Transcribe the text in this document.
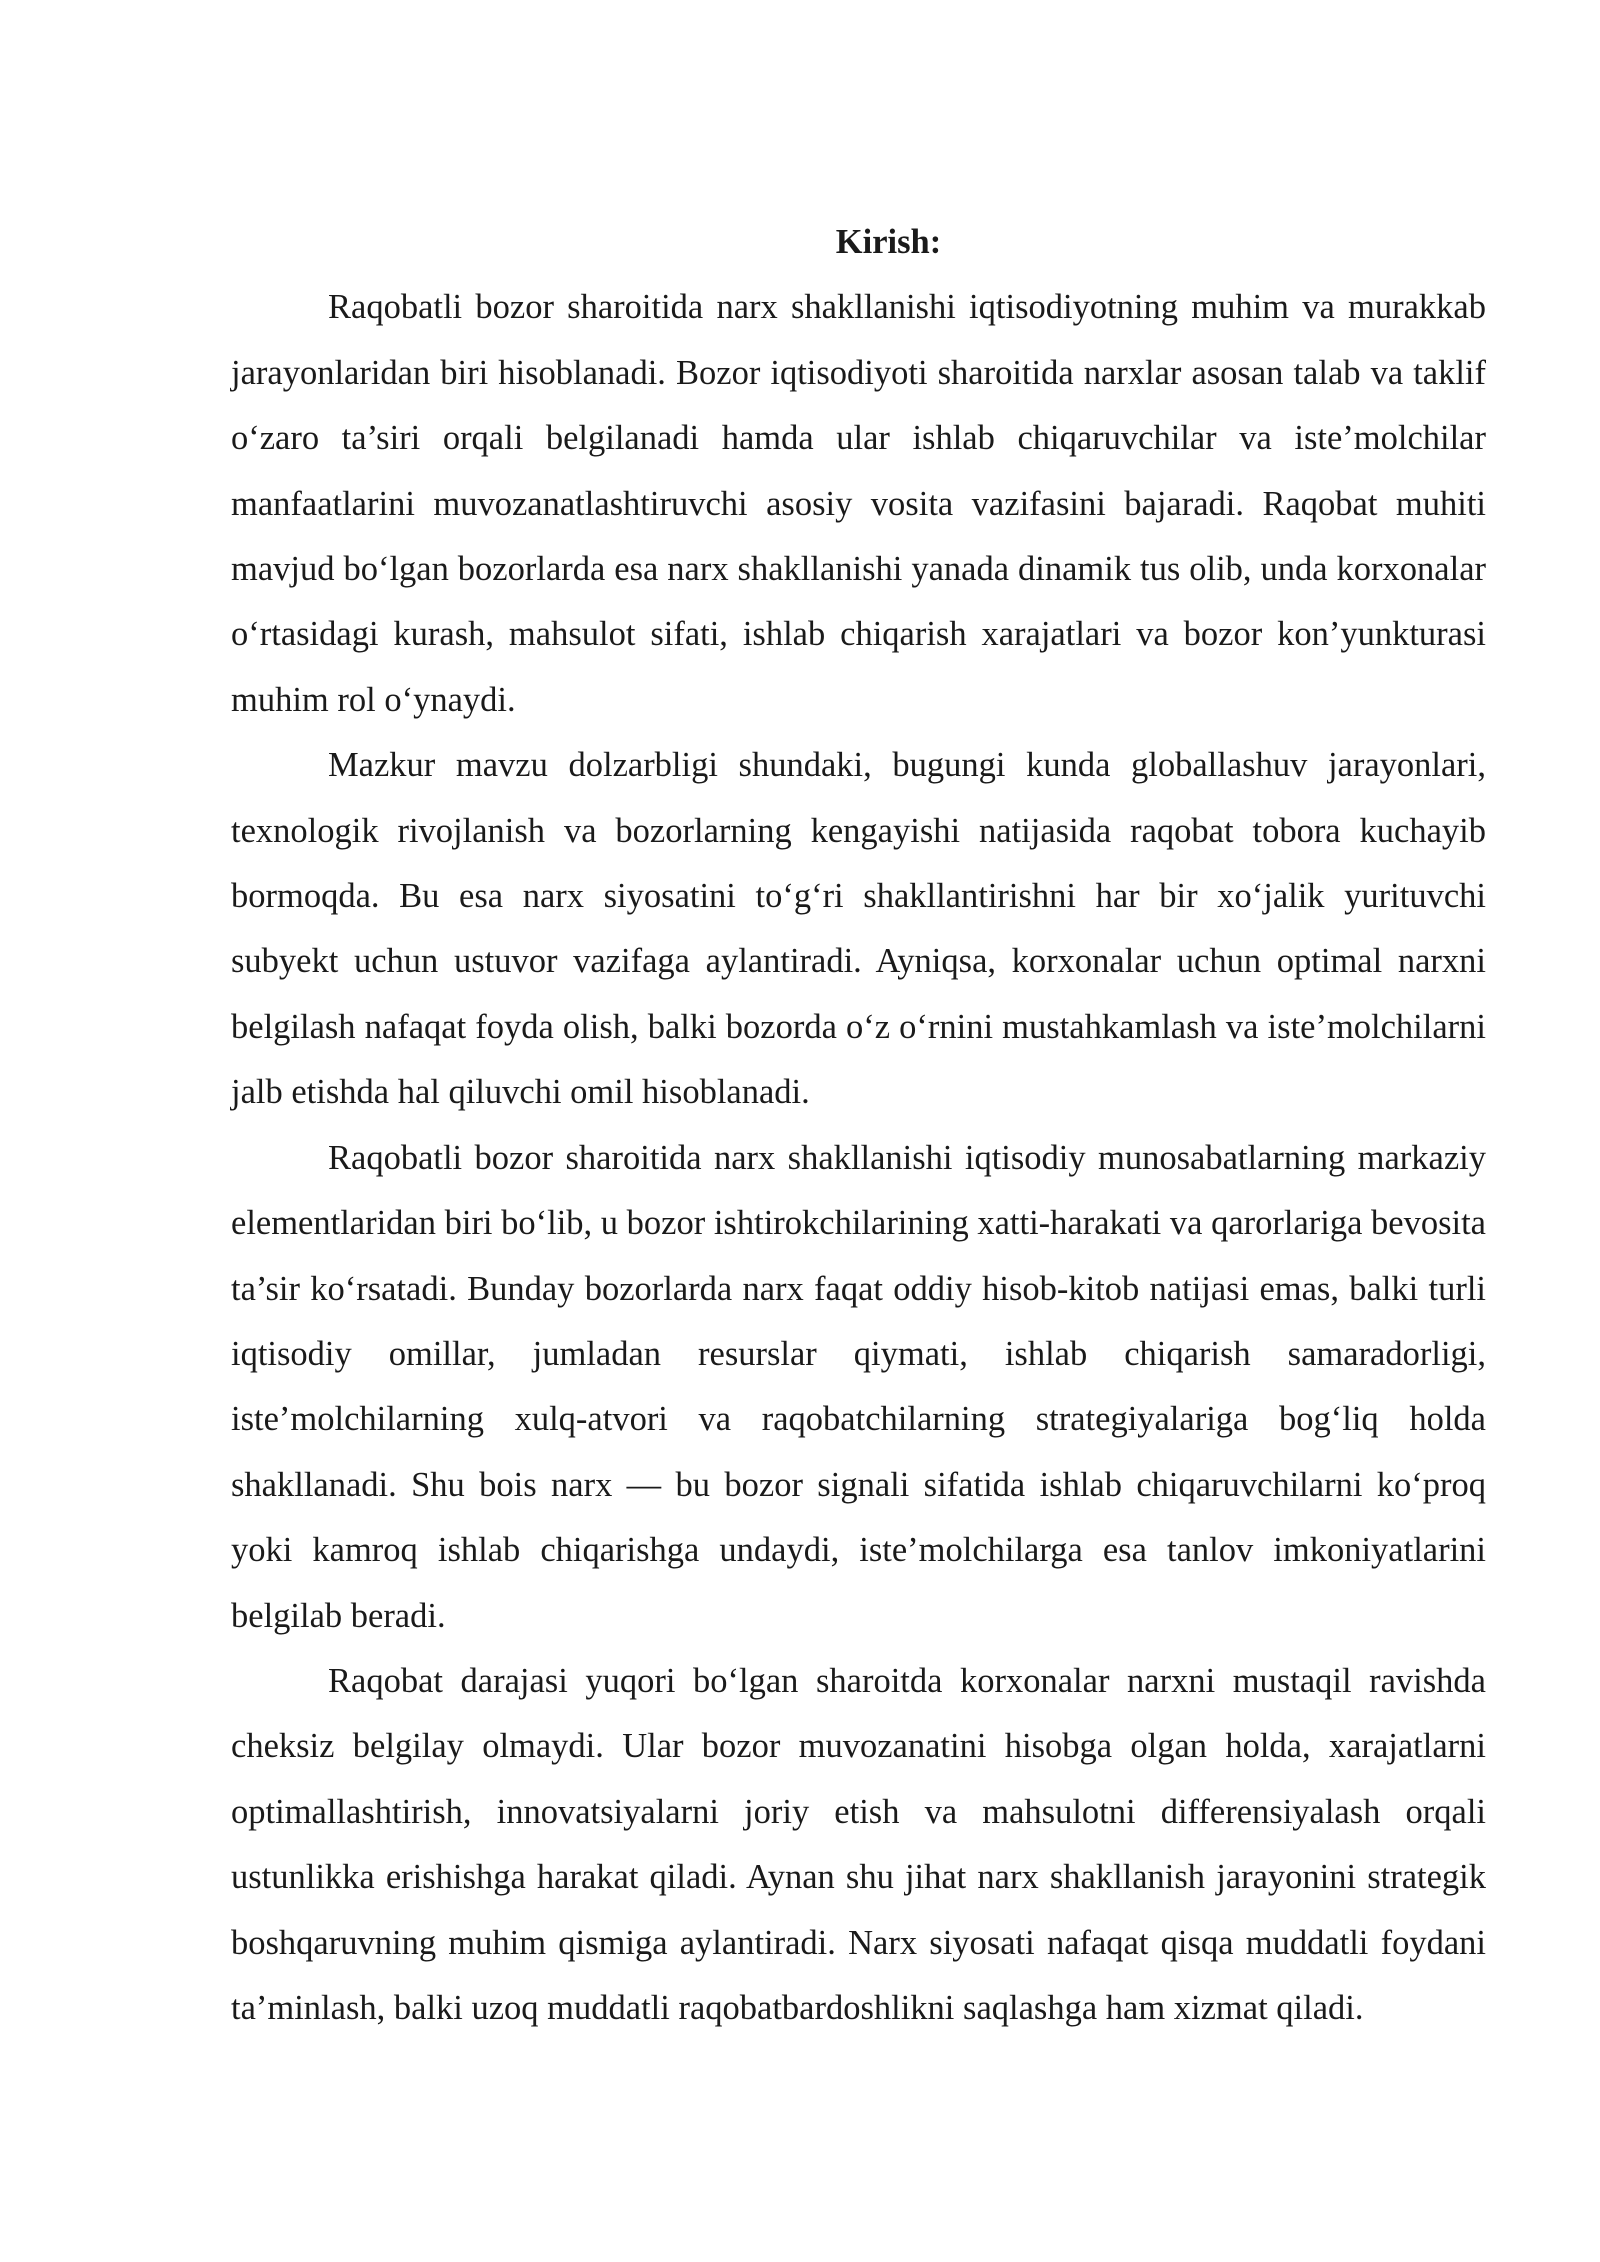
Kirish:

Raqobatli bozor sharoitida narx shakllanishi iqtisodiyotning muhim va murakkab jarayonlaridan biri hisoblanadi. Bozor iqtisodiyoti sharoitida narxlar asosan talab va taklif o‘zaro ta’siri orqali belgilanadi hamda ular ishlab chiqaruvchilar va iste’molchilar manfaatlarini muvozanatlashtiruvchi asosiy vosita vazifasini bajaradi. Raqobat muhiti mavjud bo‘lgan bozorlarda esa narx shakllanishi yanada dinamik tus olib, unda korxonalar o‘rtasidagi kurash, mahsulot sifati, ishlab chiqarish xarajatlari va bozor kon’yunkturasi muhim rol o‘ynaydi.

Mazkur mavzu dolzarbligi shundaki, bugungi kunda globallashuv jarayonlari, texnologik rivojlanish va bozorlarning kengayishi natijasida raqobat tobora kuchayib bormoqda. Bu esa narx siyosatini to‘g‘ri shakllantirishni har bir xo‘jalik yurituvchi subyekt uchun ustuvor vazifaga aylantiradi. Ayniqsa, korxonalar uchun optimal narxni belgilash nafaqat foyda olish, balki bozorda o‘z o‘rnini mustahkamlash va iste’molchilarni jalb etishda hal qiluvchi omil hisoblanadi.

Raqobatli bozor sharoitida narx shakllanishi iqtisodiy munosabatlarning markaziy elementlaridan biri bo‘lib, u bozor ishtirokchilarining xatti-harakati va qarorlariga bevosita ta’sir ko‘rsatadi. Bunday bozorlarda narx faqat oddiy hisob-kitob natijasi emas, balki turli iqtisodiy omillar, jumladan resurslar qiymati, ishlab chiqarish samaradorligi, iste’molchilarning xulq-atvori va raqobatchilarning strategiyalariga bog‘liq holda shakllanadi. Shu bois narx — bu bozor signali sifatida ishlab chiqaruvchilarni ko‘proq yoki kamroq ishlab chiqarishga undaydi, iste’molchilarga esa tanlov imkoniyatlarini belgilab beradi.

Raqobat darajasi yuqori bo‘lgan sharoitda korxonalar narxni mustaqil ravishda cheksiz belgilay olmaydi. Ular bozor muvozanatini hisobga olgan holda, xarajatlarni optimallashtirish, innovatsiyalarni joriy etish va mahsulotni differensiyalash orqali ustunlikka erishishga harakat qiladi. Aynan shu jihat narx shakllanish jarayonini strategik boshqaruvning muhim qismiga aylantiradi. Narx siyosati nafaqat qisqa muddatli foydani ta’minlash, balki uzoq muddatli raqobatbardoshlikni saqlashga ham xizmat qiladi.
